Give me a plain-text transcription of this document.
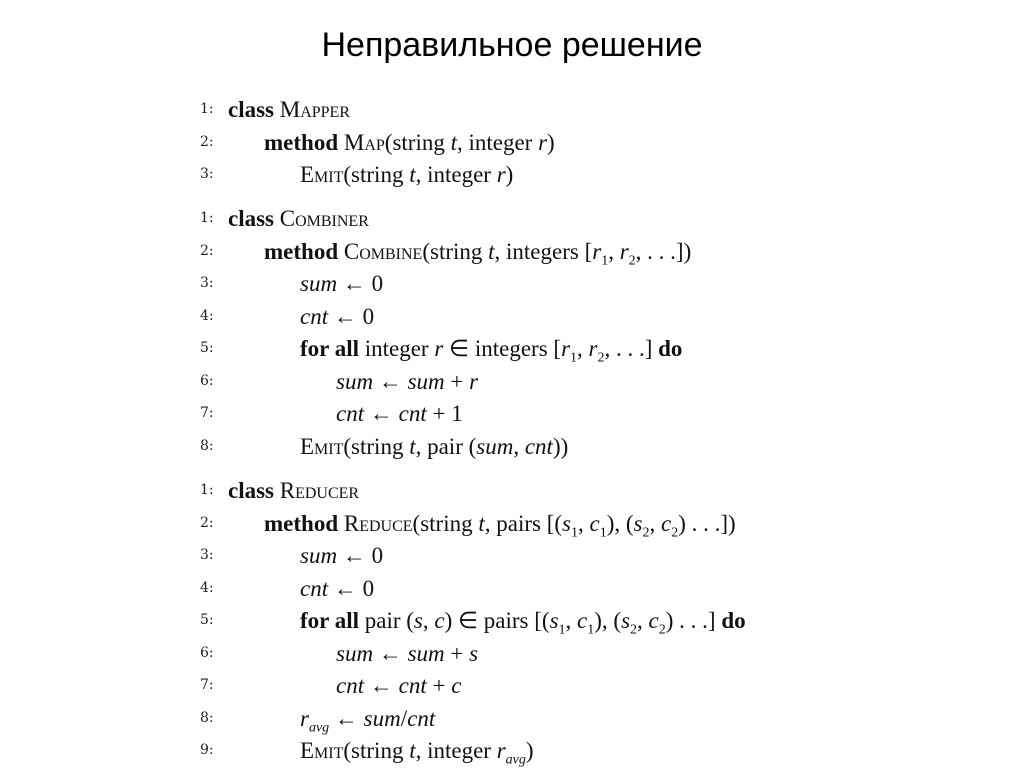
Неправильное решение
1: class Mapper
2:	method Map(string t, integer r)
3:	Emit(string t, integer r)
1: class Combiner
2:	method Combine(string t, integers [$r_1$, $r_2$, . . .])
3:	sum ← 0
4:	cnt ← 0
5:	for all integer r ∈ integers [$r_1$, $r_2$, . . .] do
6:	sum ← sum + r
7:	cnt ← cnt + 1
8:	Emit(string t, pair (sum, cnt))
1: class Reducer
2:	method Reduce(string t, pairs [($s_1$, $c_1$), ($s_2$, $c_2$) . . .])
3:	sum ← 0
4:	cnt ← 0
5:	for all pair (s, c) ∈ pairs [($s_1$, $c_1$), ($s_2$, $c_2$) . . .] do
6:	sum ← sum + s
7:	cnt ← cnt + c
8:	$r_{avg}$ ← sum/cnt
9:	Emit(string t, integer $r_{avg}$)
